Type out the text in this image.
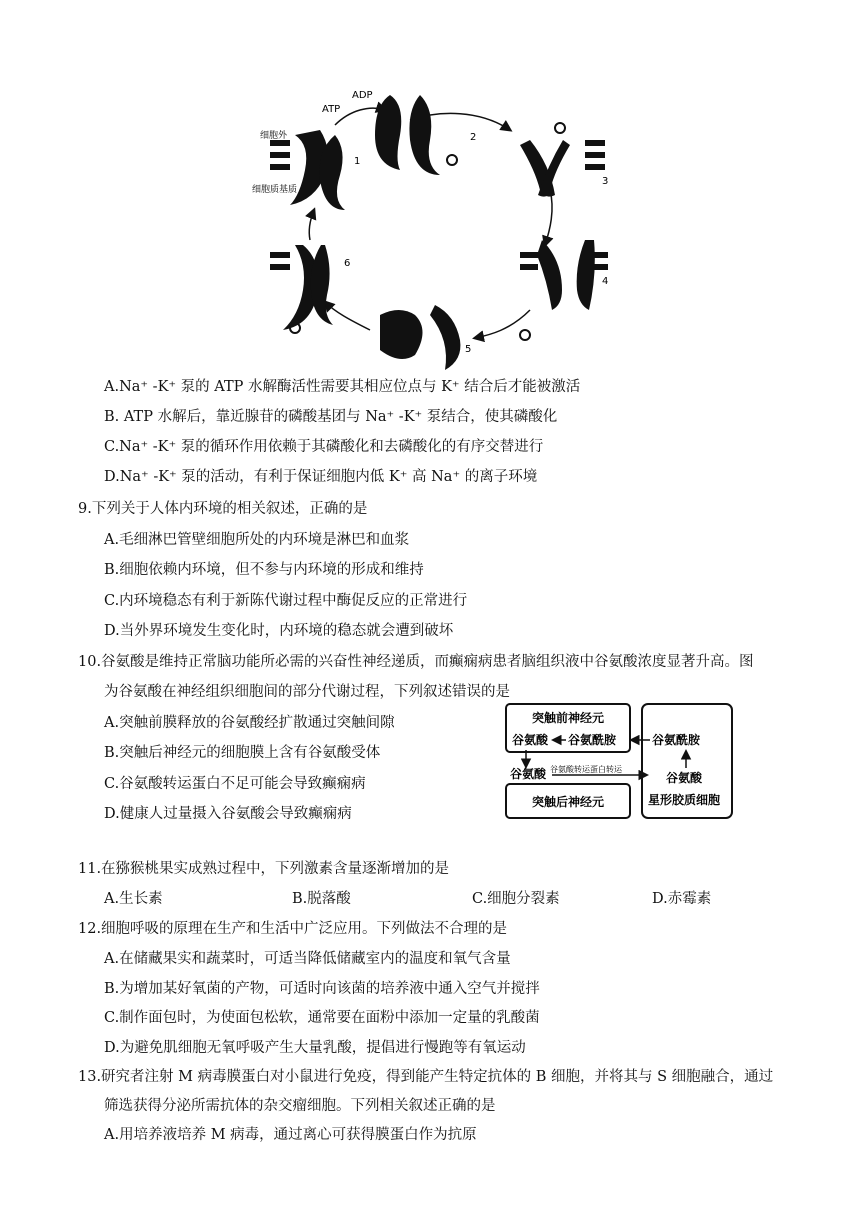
ATP
ADP
细胞外
细胞质基质
1
2
3
4
5
6
A.Na⁺ -K⁺ 泵的 ATP 水解酶活性需要其相应位点与 K⁺ 结合后才能被激活
B. ATP 水解后，靠近腺苷的磷酸基团与 Na⁺ -K⁺ 泵结合，使其磷酸化
C.Na⁺ -K⁺ 泵的循环作用依赖于其磷酸化和去磷酸化的有序交替进行
D.Na⁺ -K⁺ 泵的活动，有利于保证细胞内低 K⁺ 高 Na⁺ 的离子环境
9.下列关于人体内环境的相关叙述，正确的是
A.毛细淋巴管壁细胞所处的内环境是淋巴和血浆
B.细胞依赖内环境，但不参与内环境的形成和维持
C.内环境稳态有利于新陈代谢过程中酶促反应的正常进行
D.当外界环境发生变化时，内环境的稳态就会遭到破坏
10.谷氨酸是维持正常脑功能所必需的兴奋性神经递质，而癫痫病患者脑组织液中谷氨酸浓度显著升高。图
为谷氨酸在神经组织细胞间的部分代谢过程，下列叙述错误的是
A.突触前膜释放的谷氨酸经扩散通过突触间隙
B.突触后神经元的细胞膜上含有谷氨酸受体
C.谷氨酸转运蛋白不足可能会导致癫痫病
D.健康人过量摄入谷氨酸会导致癫痫病
突触前神经元
谷氨酸 谷氨酰胺	谷氨酰胺
谷氨酸 谷氨酸转运蛋白转运
谷氨酸
星形胶质细胞
突触后神经元
11.在猕猴桃果实成熟过程中，下列激素含量逐渐增加的是
A.生长素	B.脱落酸	C.细胞分裂素	D.赤霉素
12.细胞呼吸的原理在生产和生活中广泛应用。下列做法不合理的是
A.在储藏果实和蔬菜时，可适当降低储藏室内的温度和氧气含量
B.为增加某好氧菌的产物，可适时向该菌的培养液中通入空气并搅拌
C.制作面包时，为使面包松软，通常要在面粉中添加一定量的乳酸菌
D.为避免肌细胞无氧呼吸产生大量乳酸，提倡进行慢跑等有氧运动
13.研究者注射 M 病毒膜蛋白对小鼠进行免疫，得到能产生特定抗体的 B 细胞，并将其与 S 细胞融合，通过
筛选获得分泌所需抗体的杂交瘤细胞。下列相关叙述正确的是
A.用培养液培养 M 病毒，通过离心可获得膜蛋白作为抗原
